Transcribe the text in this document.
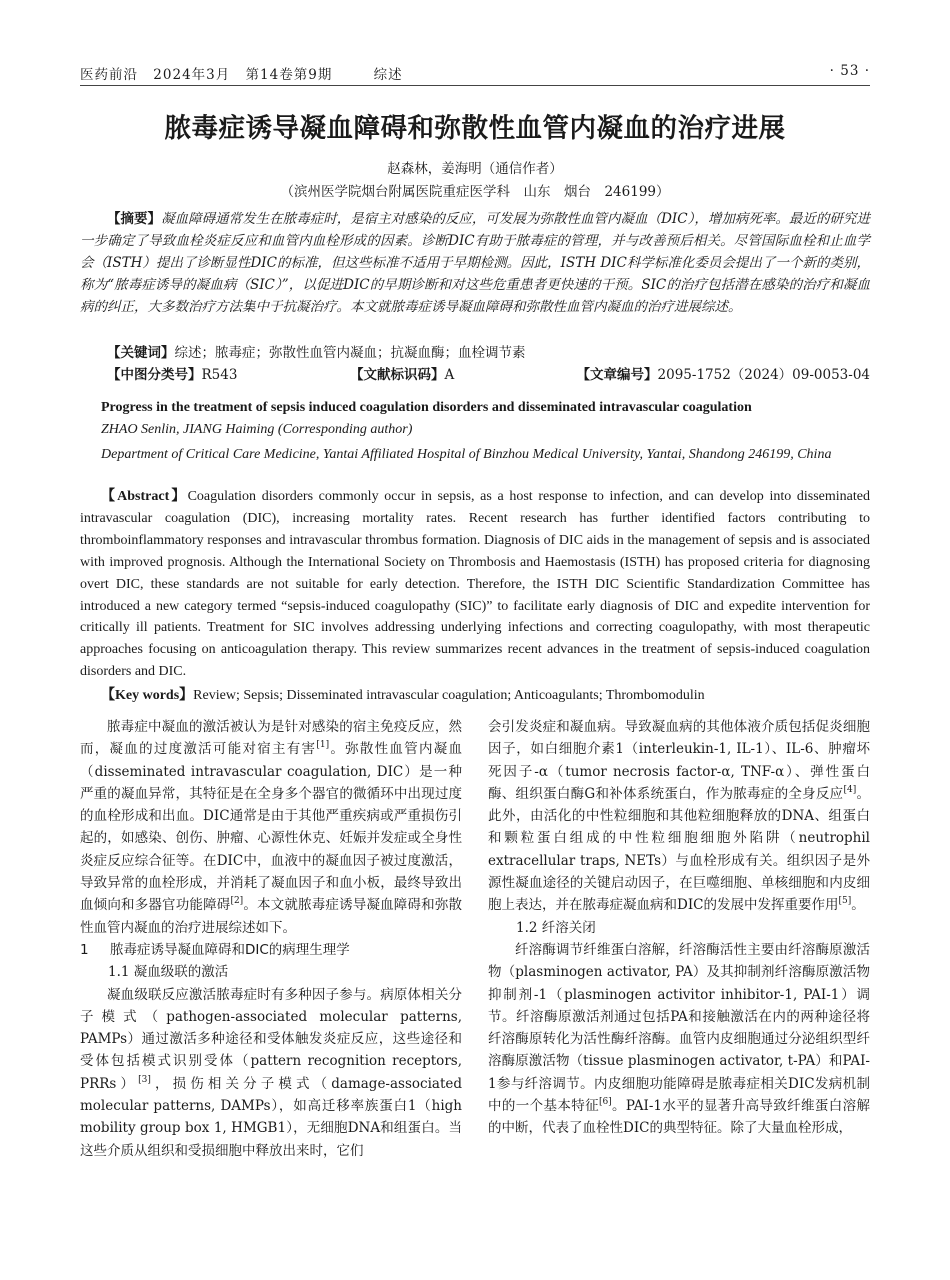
医药前沿 2024年3月 第14卷第9期	综述	· 53 ·
脓毒症诱导凝血障碍和弥散性血管内凝血的治疗进展
赵森林，姜海明（通信作者）
（滨州医学院烟台附属医院重症医学科　山东　烟台　246199）
【摘要】凝血障碍通常发生在脓毒症时，是宿主对感染的反应，可发展为弥散性血管内凝血（DIC），增加病死率。最近的研究进一步确定了导致血栓炎症反应和血管内血栓形成的因素。诊断DIC有助于脓毒症的管理，并与改善预后相关。尽管国际血栓和止血学会（ISTH）提出了诊断显性DIC的标准，但这些标准不适用于早期检测。因此，ISTH DIC科学标准化委员会提出了一个新的类别，称为“脓毒症诱导的凝血病（SIC）”，以促进DIC的早期诊断和对这些危重患者更快速的干预。SIC的治疗包括潜在感染的治疗和凝血病的纠正，大多数治疗方法集中于抗凝治疗。本文就脓毒症诱导凝血障碍和弥散性血管内凝血的治疗进展综述。
【关键词】综述；脓毒症；弥散性血管内凝血；抗凝血酶；血栓调节素
【中图分类号】R543	【文献标识码】A	【文章编号】2095-1752（2024）09-0053-04
Progress in the treatment of sepsis induced coagulation disorders and disseminated intravascular coagulation
ZHAO Senlin, JIANG Haiming (Corresponding author)
Department of Critical Care Medicine, Yantai Affiliated Hospital of Binzhou Medical University, Yantai, Shandong 246199, China
【Abstract】Coagulation disorders commonly occur in sepsis, as a host response to infection, and can develop into disseminated intravascular coagulation (DIC), increasing mortality rates. Recent research has further identified factors contributing to thromboinflammatory responses and intravascular thrombus formation. Diagnosis of DIC aids in the management of sepsis and is associated with improved prognosis. Although the International Society on Thrombosis and Haemostasis (ISTH) has proposed criteria for diagnosing overt DIC, these standards are not suitable for early detection. Therefore, the ISTH DIC Scientific Standardization Committee has introduced a new category termed “sepsis-induced coagulopathy (SIC)” to facilitate early diagnosis of DIC and expedite intervention for critically ill patients. Treatment for SIC involves addressing underlying infections and correcting coagulopathy, with most therapeutic approaches focusing on anticoagulation therapy. This review summarizes recent advances in the treatment of sepsis-induced coagulation disorders and DIC.
【Key words】Review; Sepsis; Disseminated intravascular coagulation; Anticoagulants; Thrombomodulin

脓毒症中凝血的激活被认为是针对感染的宿主免疫反应，然而，凝血的过度激活可能对宿主有害[1]。弥散性血管内凝血（disseminated intravascular coagulation, DIC）是一种严重的凝血异常，其特征是在全身多个器官的微循环中出现过度的血栓形成和出血。DIC通常是由于其他严重疾病或严重损伤引起的，如感染、创伤、肿瘤、心源性休克、妊娠并发症或全身性炎症反应综合征等。在DIC中，血液中的凝血因子被过度激活，导致异常的血栓形成，并消耗了凝血因子和血小板，最终导致出血倾向和多器官功能障碍[2]。本文就脓毒症诱导凝血障碍和弥散性血管内凝血的治疗进展综述如下。

1 脓毒症诱导凝血障碍和DIC的病理生理学
1.1 凝血级联的激活

凝血级联反应激活脓毒症时有多种因子参与。病原体相关分子模式（pathogen-associated molecular patterns, PAMPs）通过激活多种途径和受体触发炎症反应，这些途径和受体包括模式识别受体（pattern recognition receptors, PRRs）[3]，损伤相关分子模式（damage-associated molecular patterns, DAMPs），如高迁移率族蛋白1（high mobility group box 1, HMGB1），无细胞DNA和组蛋白。当这些介质从组织和受损细胞中释放出来时，它们

会引发炎症和凝血病。导致凝血病的其他体液介质包括促炎细胞因子，如白细胞介素1（interleukin-1, IL-1）、IL-6、肿瘤坏死因子-α（tumor necrosis factor-α, TNF-α）、弹性蛋白酶、组织蛋白酶G和补体系统蛋白，作为脓毒症的全身反应[4]。此外，由活化的中性粒细胞和其他粒细胞释放的DNA、组蛋白和颗粒蛋白组成的中性粒细胞细胞外陷阱（neutrophil extracellular traps, NETs）与血栓形成有关。组织因子是外源性凝血途径的关键启动因子，在巨噬细胞、单核细胞和内皮细胞上表达，并在脓毒症凝血病和DIC的发展中发挥重要作用[5]。

1.2 纤溶关闭

纤溶酶调节纤维蛋白溶解，纤溶酶活性主要由纤溶酶原激活物（plasminogen activator, PA）及其抑制剂纤溶酶原激活物抑制剂-1（plasminogen activitor inhibitor-1, PAI-1）调节。纤溶酶原激活剂通过包括PA和接触激活在内的两种途径将纤溶酶原转化为活性酶纤溶酶。血管内皮细胞通过分泌组织型纤溶酶原激活物（tissue plasminogen activator, t-PA）和PAI-1参与纤溶调节。内皮细胞功能障碍是脓毒症相关DIC发病机制中的一个基本特征[6]。PAI-1水平的显著升高导致纤维蛋白溶解的中断，代表了血栓性DIC的典型特征。除了大量血栓形成，
